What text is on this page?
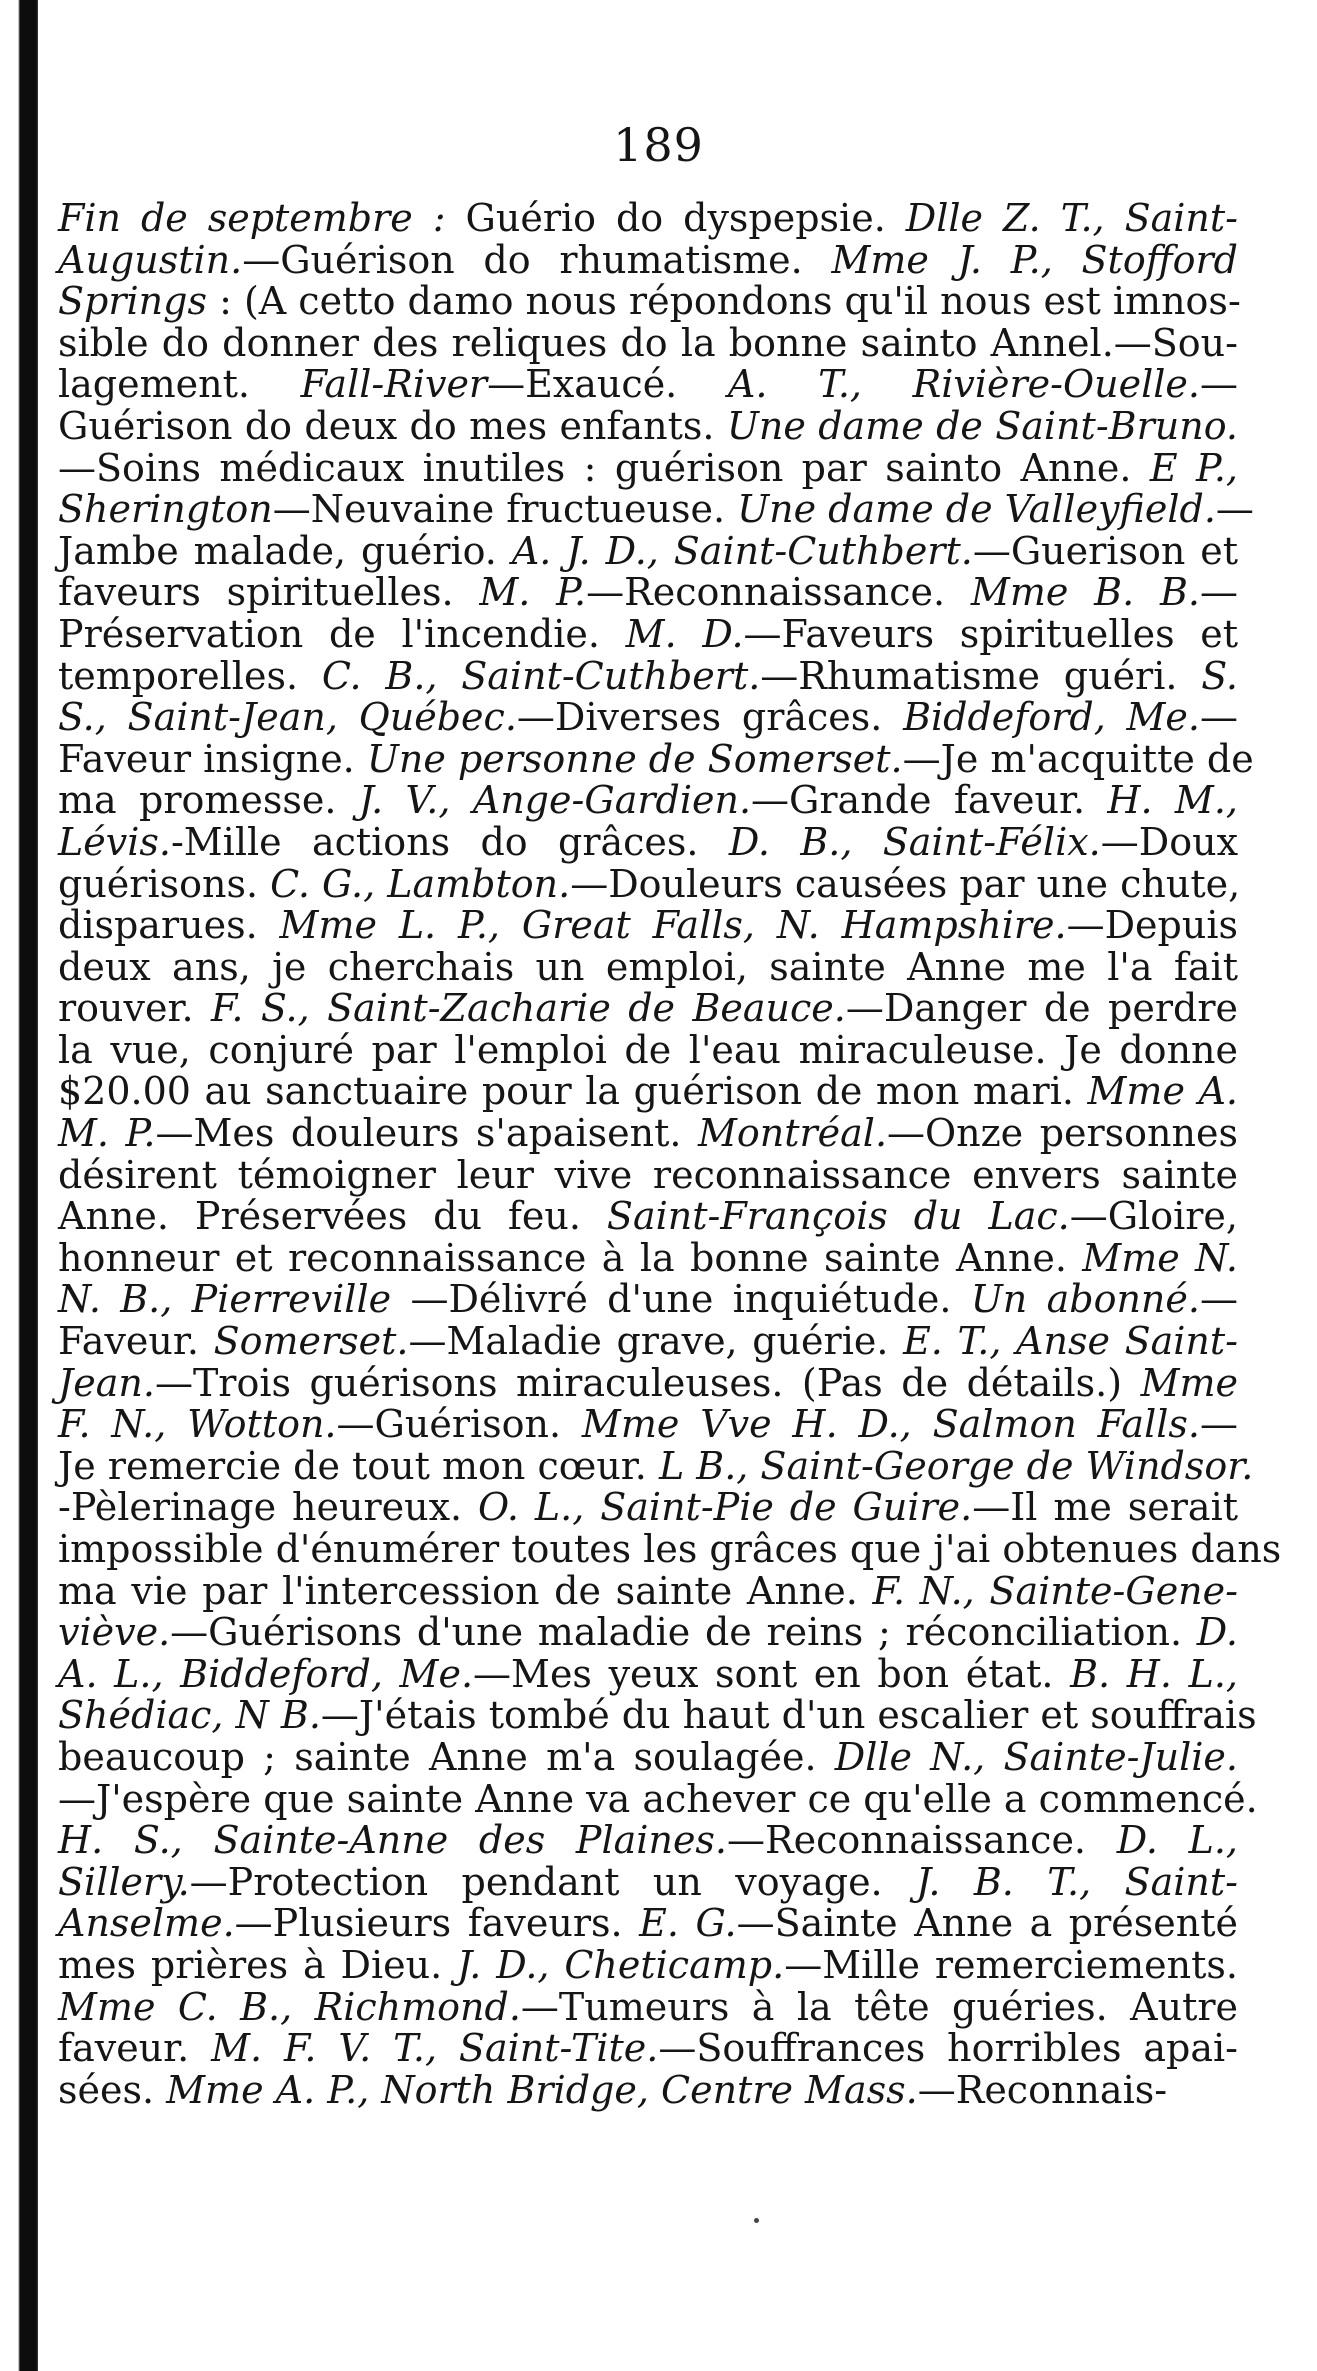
189
Fin de septembre : Guério do dyspepsie. Dlle Z. T., Saint-
Augustin.—Guérison do rhumatisme. Mme J. P., Stofford
Springs : (A cetto damo nous répondons qu'il nous est imnos-
sible do donner des reliques do la bonne sainto Annel.—Sou-
lagement. Fall-River—Exaucé. A. T., Rivière-Ouelle.—
Guérison do deux do mes enfants. Une dame de Saint-Bruno.
—Soins médicaux inutiles : guérison par sainto Anne. E P.,
Sherington—Neuvaine fructueuse. Une dame de Valleyfield.—
Jambe malade, guério. A. J. D., Saint-Cuthbert.—Guerison et
faveurs spirituelles. M. P.—Reconnaissance. Mme B. B.—
Préservation de l'incendie. M. D.—Faveurs spirituelles et
temporelles. C. B., Saint-Cuthbert.—Rhumatisme guéri. S.
S., Saint-Jean, Québec.—Diverses grâces. Biddeford, Me.—
Faveur insigne. Une personne de Somerset.—Je m'acquitte de
ma promesse. J. V., Ange-Gardien.—Grande faveur. H. M.,
Lévis.-Mille actions do grâces. D. B., Saint-Félix.—Doux
guérisons. C. G., Lambton.—Douleurs causées par une chute,
disparues. Mme L. P., Great Falls, N. Hampshire.—Depuis
deux ans, je cherchais un emploi, sainte Anne me l'a fait
rouver. F. S., Saint-Zacharie de Beauce.—Danger de perdre
la vue, conjuré par l'emploi de l'eau miraculeuse. Je donne
$20.00 au sanctuaire pour la guérison de mon mari. Mme A.
M. P.—Mes douleurs s'apaisent. Montréal.—Onze personnes
désirent témoigner leur vive reconnaissance envers sainte
Anne. Préservées du feu. Saint-François du Lac.—Gloire,
honneur et reconnaissance à la bonne sainte Anne. Mme N.
N. B., Pierreville —Délivré d'une inquiétude. Un abonné.—
Faveur. Somerset.—Maladie grave, guérie. E. T., Anse Saint-
Jean.—Trois guérisons miraculeuses. (Pas de détails.) Mme
F. N., Wotton.—Guérison. Mme Vve H. D., Salmon Falls.—
Je remercie de tout mon cœur. L B., Saint-George de Windsor.
-Pèlerinage heureux. O. L., Saint-Pie de Guire.—Il me serait
impossible d'énumérer toutes les grâces que j'ai obtenues dans
ma vie par l'intercession de sainte Anne. F. N., Sainte-Gene-
viève.—Guérisons d'une maladie de reins ; réconciliation. D.
A. L., Biddeford, Me.—Mes yeux sont en bon état. B. H. L.,
Shédiac, N B.—J'étais tombé du haut d'un escalier et souffrais
beaucoup ; sainte Anne m'a soulagée. Dlle N., Sainte-Julie.
—J'espère que sainte Anne va achever ce qu'elle a commencé.
H. S., Sainte-Anne des Plaines.—Reconnaissance. D. L.,
Sillery.—Protection pendant un voyage. J. B. T., Saint-
Anselme.—Plusieurs faveurs. E. G.—Sainte Anne a présenté
mes prières à Dieu. J. D., Cheticamp.—Mille remerciements.
Mme C. B., Richmond.—Tumeurs à la tête guéries. Autre
faveur. M. F. V. T., Saint-Tite.—Souffrances horribles apai-
sées. Mme A. P., North Bridge, Centre Mass.—Reconnais-
